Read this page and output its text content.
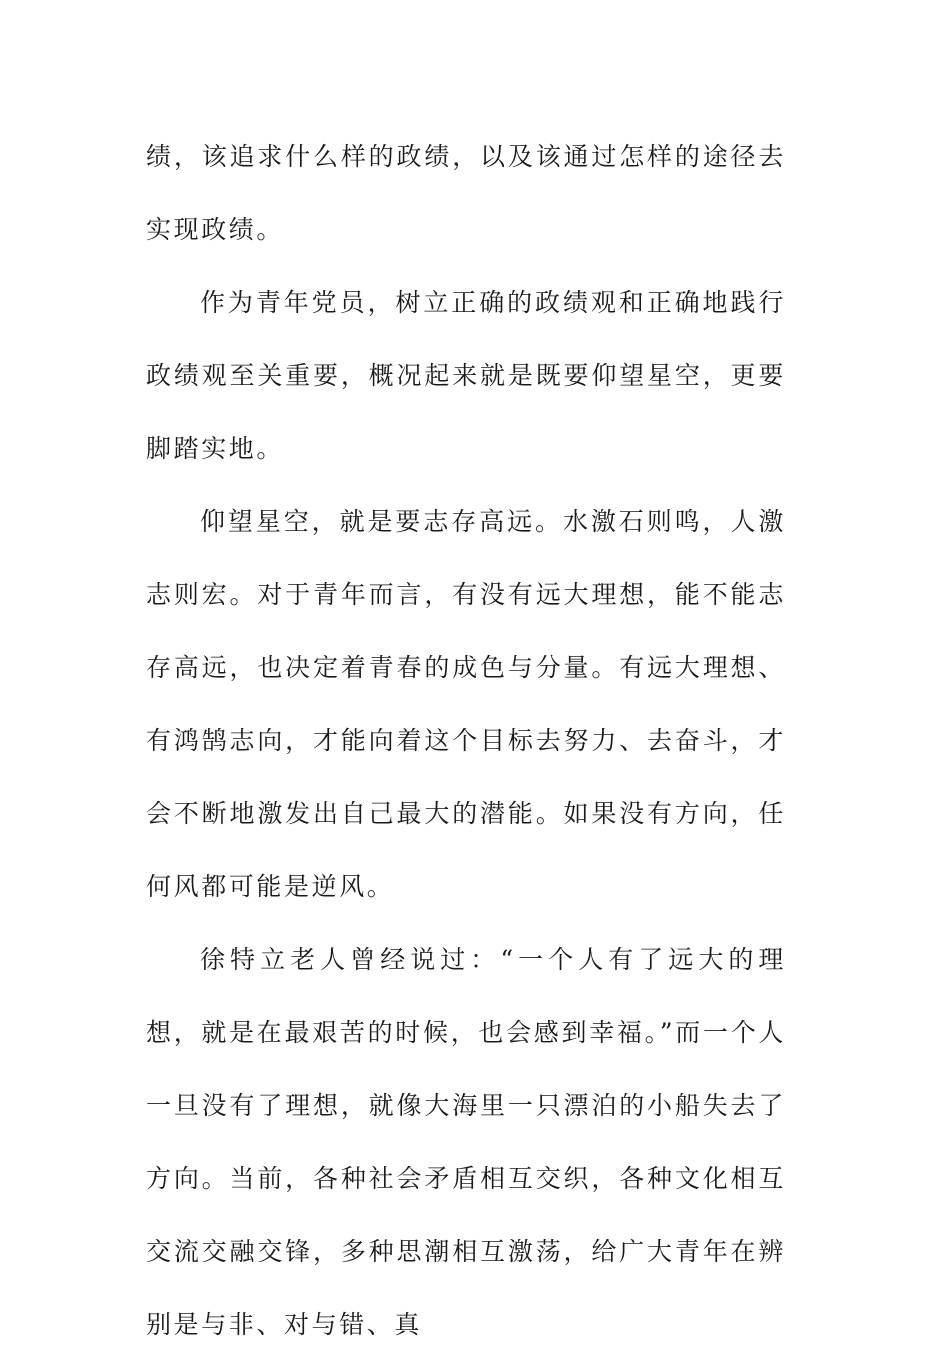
绩，该追求什么样的政绩，以及该通过怎样的途径去实现政绩。

作为青年党员，树立正确的政绩观和正确地践行政绩观至关重要，概况起来就是既要仰望星空，更要脚踏实地。

仰望星空，就是要志存高远。水激石则鸣，人激志则宏。对于青年而言，有没有远大理想，能不能志存高远，也决定着青春的成色与分量。有远大理想、有鸿鹄志向，才能向着这个目标去努力、去奋斗，才会不断地激发出自己最大的潜能。如果没有方向，任何风都可能是逆风。

徐特立老人曾经说过：“一个人有了远大的理想，就是在最艰苦的时候，也会感到幸福。”而一个人一旦没有了理想，就像大海里一只漂泊的小船失去了方向。当前，各种社会矛盾相互交织，各种文化相互交流交融交锋，多种思潮相互激荡，给广大青年在辨别是与非、对与错、真
